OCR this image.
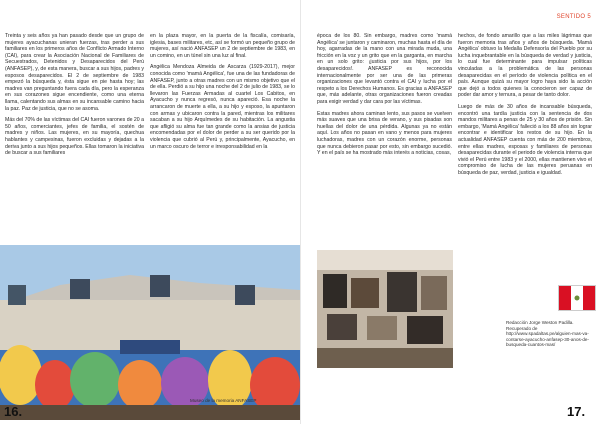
Treinta y seis años ya han pasado desde que un grupo de mujeres ayacuchanas unieran fuerzas, tras perder a sus familiares en los primeros años de Conflicto Armado Interno (CAI), para crear la Asociación Nacional de Familiares de Secuestrados, Detenidos y Desaparecidos del Perú (ANFASEP), y, de esta manera, buscar a sus hijos, padres y esposos desaparecidos. El 2 de septiembre de 1983 empezó la búsqueda y, ésta sigue en pie hasta hoy; las madres van preguntando fuera cada día, pero la esperanza en sus corazones sigue encendiente, como una eterna llama, calentando sus almas en su incansable camino hacia la paz. Paz de justicia, que no se asoma.

Más del 70% de las víctimas del CAI fueron varones de 20 a 50 años, comerciantes, jefes de familia, el sostén de madres y niños. Las mujeres, en su mayoría, quechua hablantes y campesinas, fueron excluidas y dejadas a la deriva junto a sus hijos pequeños. Ellas tomaron la iniciativa de buscar a sus familiares

en la plaza mayor, en la puerta de la fiscalía, comisaría, iglesia, bases militares, etc, así se formó un pequeño grupo de mujeres, así nació ANFASEP un 2 de septiembre de 1983, en un comino, en un túnel sin una luz al final.

Angélica Mendoza Almeida de Ascarza (1929-2017), mejor conocida como 'mamá Angélica', fue una de las fundadoras de ANFASEP, junto a otras madres con un mismo objetivo que el de ella. Perdió a su hijo una noche del 2 de julio de 1983, se lo llevaron las Fuerzas Armadas al cuartel Los Cabitos, en Ayacucho y nunca regresó, nunca apareció. Esa noche la arrancaron de muerte a ella, a su hijo y esposo, la apuntaron con armas y ubicaron contra la pared, mientras los militares sacaban a su hijo Arquímedes de su habitación. La angustia que afligió su alma fue tan grande como la ansias de justicia encomendadas por el dolor de perder a su ser querido por la violencia que cubrió al Perú y, principalmente, Ayacucho, en un marco oscuro de terror e irresponsabilidad en la

Museo de la memoria ANFASEP
16.
SENTIDO 5

época de los 80. Sin embargo, madres como 'mamá Angélica' se juntaron y caminaron, muchas hasta el día de hoy, agarradas de la mano con una mirada muda, una fricción en la voz y un grito que en la garganta, en marcha en un solo grito: ¡justicia por sus hijos, por los desaparecidos!. ANFASEP es reconocida internacionalmente por ser una de las primeras organizaciones que levantó contra el CAI y lucha por el respeto a los Derechos Humanos. Es gracias a ANFASEP que, más adelante, otras organizaciones fueron creadas para exigir verdad y dar cara por las víctimas.

Estas madres ahora caminan lento, sus pasos se vuelven más suaves que una brisa de verano, y sus pisadas son huellas del dolor de una pérdida. Algunas ya no están aquí. Los años no pasan en vano y menos para mujeres luchadoras, madres con un corazón enorme, personas que nunca debieron pasar por esto, sin embargo sucedió. Y en el país se ha mostrado más interés a noticias, cosas,

hechos, de fondo amarillo que a las miles lágrimas que fueron memoria tras años y años de búsqueda. 'Mamá Angélica' obtuvo la Medalla Defensoría del Pueblo por su lucha inquebrantable en la búsqueda de verdad y justicia, lo cual fue determinante para impulsar políticas vinculadas a la problemática de las personas desaparecidas en el período de violencia política en el país. Aunque quizá su mayor logro haya sido la acción que dejó a todos quienes la conocieron ser capaz de poder dar amor y ternura, a pesar de tanto dolor.

Luego de más de 30 años de incansable búsqueda, encontró una tardía justicia con la sentencia de dos mandos militares a penas de 25 y 30 años de prisión. Sin embargo, 'Mamá Angélica' falleció a los 88 años sin lograr encontrar e identificar los restos de su hijo. En la actualidad ANFASEP cuenta con más de 200 miembros, entre ellas madres, esposas y familiares de personas desaparecidas durante el periodo de violencia interna que vivió el Perú entre 1983 y el 2000, ellas mantienen vivo el compromiso de lucha de las mujeres peruanas en búsqueda de paz, verdad, justicia e igualdad.

Redacción Jorge Weston Padilla. Recuperado de http://www.spadaltas.pe/alguien-mas-va-contarse-ayacucho-anfasep-30-anos-de-busqueda-cuantos-mas/
17.
